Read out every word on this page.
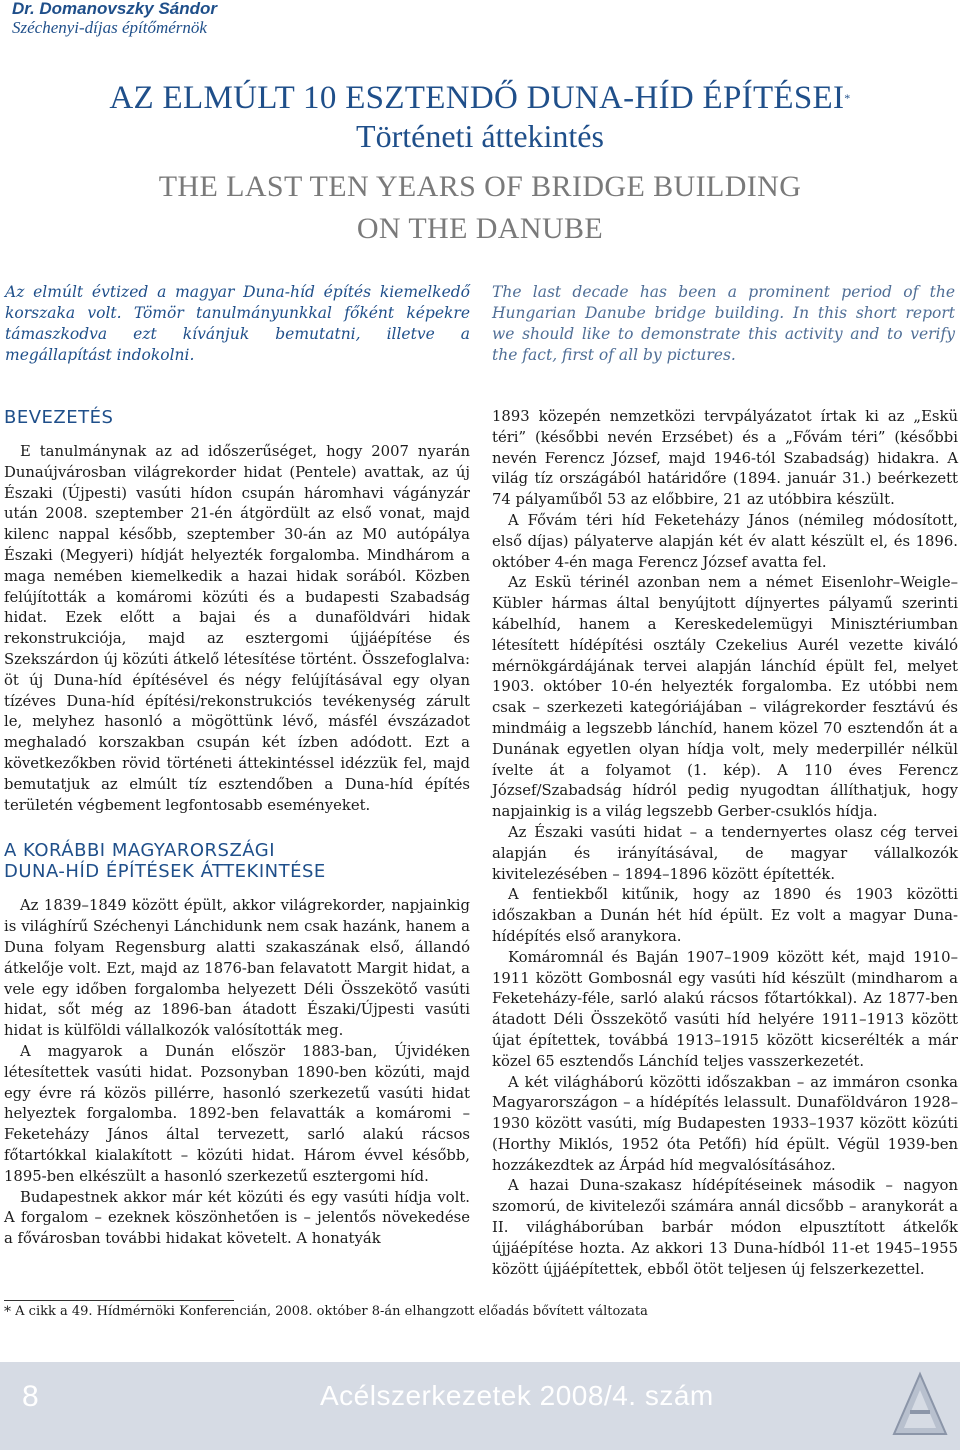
Dr. Domanovszky Sándor
Széchenyi-díjas építőmérnök
AZ ELMÚLT 10 ESZTENDŐ DUNA-HÍD ÉPÍTÉSEI*
Történeti áttekintés
THE LAST TEN YEARS OF BRIDGE BUILDING
ON THE DANUBE
Az elmúlt évtized a magyar Duna-híd építés kiemelkedő korszaka volt. Tömör tanulmányunkkal főként képekre támaszkodva ezt kívánjuk bemutatni, illetve a megállapítást indokolni.
The last decade has been a prominent period of the Hungarian Danube bridge building. In this short report we should like to demonstrate this activity and to verify the fact, first of all by pictures.
BEVEZETÉS

E tanulmánynak az ad időszerűséget, hogy 2007 nyarán Dunaújvárosban világrekorder hidat (Pentele) avattak, az új Északi (Újpesti) vasúti hídon csupán háromhavi vágányzár után 2008. szeptember 21-én átgördült az első vonat, majd kilenc nappal később, szeptember 30-án az M0 autópálya Északi (Megyeri) hídját helyezték forgalomba. Mindhárom a maga nemében kiemelkedik a hazai hidak sorából. Közben felújították a komáromi közúti és a budapesti Szabadság hidat. Ezek előtt a bajai és a dunaföldvári hidak rekonstrukciója, majd az esztergomi újjáépítése és Szekszárdon új közúti átkelő létesítése történt. Összefoglalva: öt új Duna-híd építésével és négy felújításával egy olyan tízéves Duna-híd építési/rekonstrukciós tevékenység zárult le, melyhez hasonló a mögöttünk lévő, másfél évszázadot meghaladó korszakban csupán két ízben adódott. Ezt a következőkben rövid történeti áttekintéssel idézzük fel, majd bemutatjuk az elmúlt tíz esztendőben a Duna-híd építés területén végbement legfontosabb eseményeket.

A KORÁBBI MAGYARORSZÁGI
DUNA-HÍD ÉPÍTÉSEK ÁTTEKINTÉSE

Az 1839–1849 között épült, akkor világrekorder, napjainkig is világhírű Széchenyi Lánchidunk nem csak hazánk, hanem a Duna folyam Regensburg alatti szakaszának első, állandó átkelője volt. Ezt, majd az 1876-ban felavatott Margit hidat, a vele egy időben forgalomba helyezett Déli Összekötő vasúti hidat, sőt még az 1896-ban átadott Északi/Újpesti vasúti hidat is külföldi vállalkozók valósították meg.

A magyarok a Dunán először 1883-ban, Újvidéken létesítettek vasúti hidat. Pozsonyban 1890-ben közúti, majd egy évre rá közös pillérre, hasonló szerkezetű vasúti hidat helyeztek forgalomba. 1892-ben felavatták a komáromi – Feketeházy János által tervezett, sarló alakú rácsos főtartókkal kialakított – közúti hidat. Három évvel később, 1895-ben elkészült a hasonló szerkezetű esztergomi híd.

Budapestnek akkor már két közúti és egy vasúti hídja volt. A forgalom – ezeknek köszönhetően is – jelentős növekedése a fővárosban további hidakat követelt. A honatyák

1893 közepén nemzetközi tervpályázatot írtak ki az „Eskü téri” (későbbi nevén Erzsébet) és a „Fővám téri” (későbbi nevén Ferencz József, majd 1946-tól Szabadság) hidakra. A világ tíz országából határidőre (1894. január 31.) beérkezett 74 pályaműből 53 az előbbire, 21 az utóbbira készült.

A Fővám téri híd Feketeházy János (némileg módosított, első díjas) pályaterve alapján két év alatt készült el, és 1896. október 4-én maga Ferencz József avatta fel.

Az Eskü térinél azonban nem a német Eisenlohr–Weigle–Kübler hármas által benyújtott díjnyertes pályamű szerinti kábelhíd, hanem a Kereskedelemügyi Minisztériumban létesített hídépítési osztály Czekelius Aurél vezette kiváló mérnökgárdájának tervei alapján lánchíd épült fel, melyet 1903. október 10-én helyezték forgalomba. Ez utóbbi nem csak – szerkezeti kategóriájában – világrekorder fesztávú és mindmáig a legszebb lánchíd, hanem közel 70 esztendőn át a Dunának egyetlen olyan hídja volt, mely mederpillér nélkül ívelte át a folyamot (1. kép). A 110 éves Ferencz József/Szabadság hídról pedig nyugodtan állíthatjuk, hogy napjainkig is a világ legszebb Gerber-csuklós hídja.

Az Északi vasúti hidat – a tendernyertes olasz cég tervei alapján és irányításával, de magyar vállalkozók kivitelezésében – 1894–1896 között építették.

A fentiekből kitűnik, hogy az 1890 és 1903 közötti időszakban a Dunán hét híd épült. Ez volt a magyar Duna-hídépítés első aranykora.

Komáromnál és Baján 1907–1909 között két, majd 1910–1911 között Gombosnál egy vasúti híd készült (mindharom a Feketeházy-féle, sarló alakú rácsos főtartókkal). Az 1877-ben átadott Déli Összekötő vasúti híd helyére 1911–1913 között újat építettek, továbbá 1913–1915 között kicserélték a már közel 65 esztendős Lánchíd teljes vasszerkezetét.

A két világháború közötti időszakban – az immáron csonka Magyarországon – a hídépítés lelassult. Dunaföldváron 1928–1930 között vasúti, míg Budapesten 1933–1937 között közúti (Horthy Miklós, 1952 óta Petőfi) híd épült. Végül 1939-ben hozzákezdtek az Árpád híd megvalósításához.

A hazai Duna-szakasz hídépítéseinek második – nagyon szomorú, de kivitelezői számára annál dicsőbb – aranykorát a II. világháborúban barbár módon elpusztított átkelők újjáépítése hozta. Az akkori 13 Duna-hídból 11-et 1945–1955 között újjáépítettek, ebből ötöt teljesen új felszerkezettel.

* A cikk a 49. Hídmérnöki Konferencián, 2008. október 8-án elhangzott előadás bővített változata
8	Acélszerkezetek 2008/4. szám
